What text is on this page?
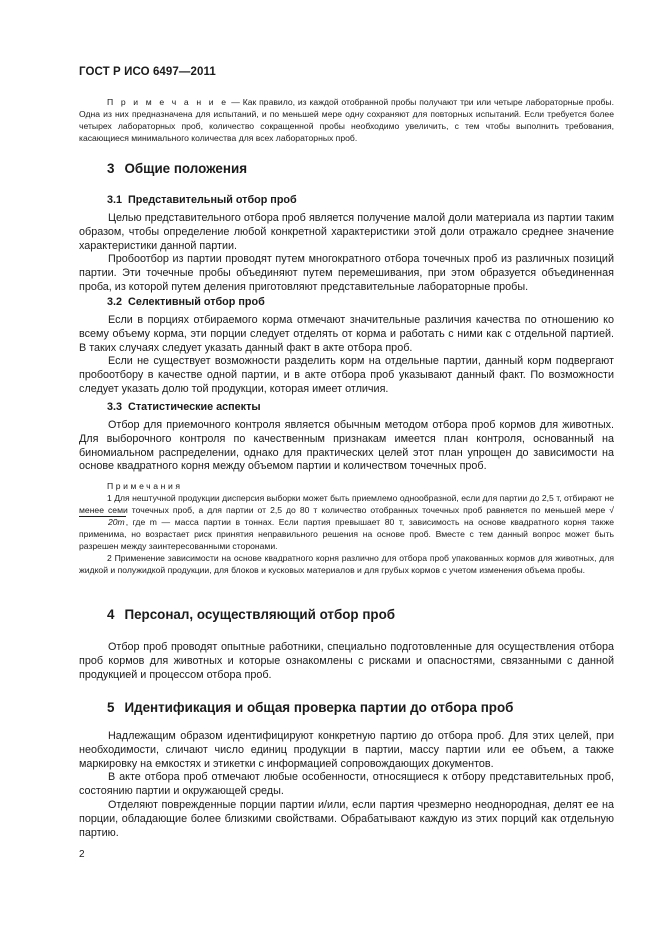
ГОСТ Р ИСО 6497—2011

П р и м е ч а н и е — Как правило, из каждой отобранной пробы получают три или четыре лабораторные пробы. Одна из них предназначена для испытаний, и по меньшей мере одну сохраняют для повторных испытаний. Если требуется более четырех лабораторных проб, количество сокращенной пробы необходимо увеличить, с тем чтобы выполнить требования, касающиеся минимального количества для всех лабораторных проб.

3 Общие положения
3.1 Представительный отбор проб

Целью представительного отбора проб является получение малой доли материала из партии таким образом, чтобы определение любой конкретной характеристики этой доли отражало среднее значение характеристики данной партии.

Пробоотбор из партии проводят путем многократного отбора точечных проб из различных позиций партии. Эти точечные пробы объединяют путем перемешивания, при этом образуется объединенная проба, из которой путем деления приготовляют представительные лабораторные пробы.

3.2 Селективный отбор проб

Если в порциях отбираемого корма отмечают значительные различия качества по отношению ко всему объему корма, эти порции следует отделять от корма и работать с ними как с отдельной партией. В таких случаях следует указать данный факт в акте отбора проб.

Если не существует возможности разделить корм на отдельные партии, данный корм подвергают пробоотбору в качестве одной партии, и в акте отбора проб указывают данный факт. По возможности следует указать долю той продукции, которая имеет отличия.

3.3 Статистические аспекты

Отбор для приемочного контроля является обычным методом отбора проб кормов для животных. Для выборочного контроля по качественным признакам имеется план контроля, основанный на биномиальном распределении, однако для практических целей этот план упрощен до зависимости на основе квадратного корня между объемом партии и количеством точечных проб.

Примечания

1 Для нештучной продукции дисперсия выборки может быть приемлемо однообразной, если для партии до 2,5 т, отбирают не менее семи точечных проб, а для партии от 2,5 до 80 т количество отобранных точечных проб равняется по меньшей мере √20m, где m — масса партии в тоннах. Если партия превышает 80 т, зависимость на основе квадратного корня также применима, но возрастает риск принятия неправильного решения на основе проб. Вместе с тем данный вопрос может быть разрешен между заинтересованными сторонами.

2 Применение зависимости на основе квадратного корня различно для отбора проб упакованных кормов для животных, для жидкой и полужидкой продукции, для блоков и кусковых материалов и для грубых кормов с учетом изменения объема пробы.

4 Персонал, осуществляющий отбор проб

Отбор проб проводят опытные работники, специально подготовленные для осуществления отбора проб кормов для животных и которые ознакомлены с рисками и опасностями, связанными с данной продукцией и процессом отбора проб.

5 Идентификация и общая проверка партии до отбора проб

Надлежащим образом идентифицируют конкретную партию до отбора проб. Для этих целей, при необходимости, сличают число единиц продукции в партии, массу партии или ее объем, а также маркировку на емкостях и этикетки с информацией сопровождающих документов.

В акте отбора проб отмечают любые особенности, относящиеся к отбору представительных проб, состоянию партии и окружающей среды.

Отделяют поврежденные порции партии и/или, если партия чрезмерно неоднородная, делят ее на порции, обладающие более близкими свойствами. Обрабатывают каждую из этих порций как отдельную партию.

2
